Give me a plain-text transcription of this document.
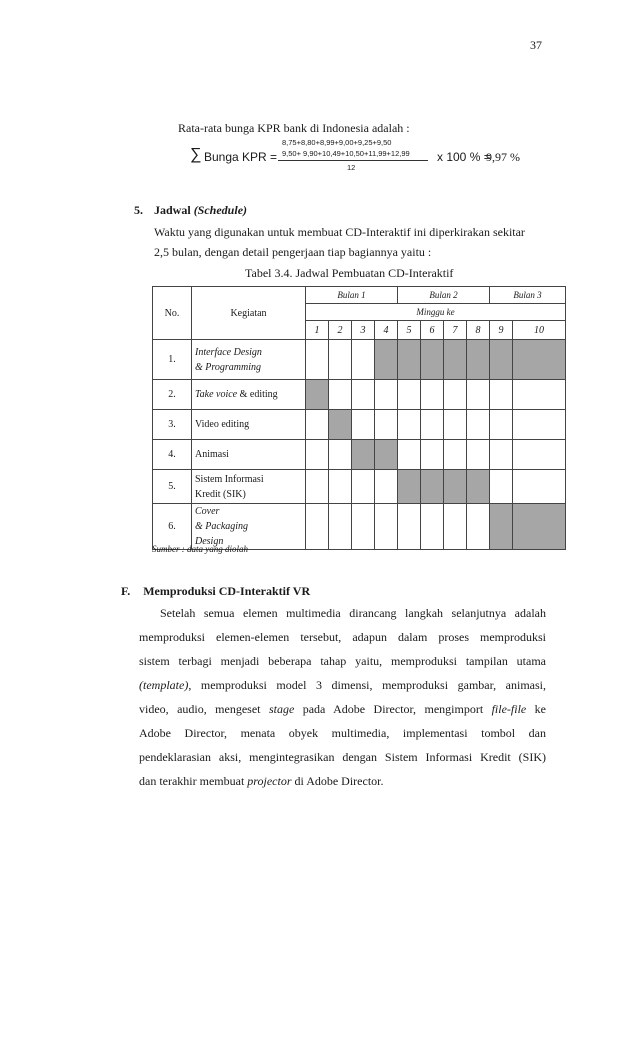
37
Rata-rata bunga KPR bank di Indonesia adalah :
∑ Bunga KPR =
8,75+8,80+8,99+9,00+9,25+9,50
9,50+ 9,90+10,49+10,50+11,99+12,99
12
x 100 % =
9,97 %
5. Jadwal (Schedule)
Waktu yang digunakan untuk membuat CD-Interaktif ini diperkirakan sekitar
2,5 bulan, dengan detail pengerjaan tiap bagiannya yaitu :
Tabel 3.4. Jadwal Pembuatan CD-Interaktif
No.	Kegiatan	Bulan 1				Bulan 2				Bulan 3	
		Minggu ke									
		1	2	3	4	5	6	7	8	9	10
1.	Interface Design
& Programming										
2.	Take voice & editing										
3.	Video editing										
4.	Animasi										
5.	Sistem Informasi
Kredit (SIK)										
6.	Cover
& Packaging
Design										
Sumber : data yang diolah
F. Memproduksi CD-Interaktif VR
Setelah semua elemen multimedia dirancang langkah selanjutnya adalah
memproduksi elemen-elemen tersebut, adapun dalam proses memproduksi
sistem terbagi menjadi beberapa tahap yaitu, memproduksi tampilan utama
(template), memproduksi model 3 dimensi, memproduksi gambar, animasi,
video, audio, mengeset stage pada Adobe Director, mengimport file-file ke
Adobe Director, menata obyek multimedia, implementasi tombol dan
pendeklarasian aksi, mengintegrasikan dengan Sistem Informasi Kredit (SIK)
dan terakhir membuat projector di Adobe Director.
